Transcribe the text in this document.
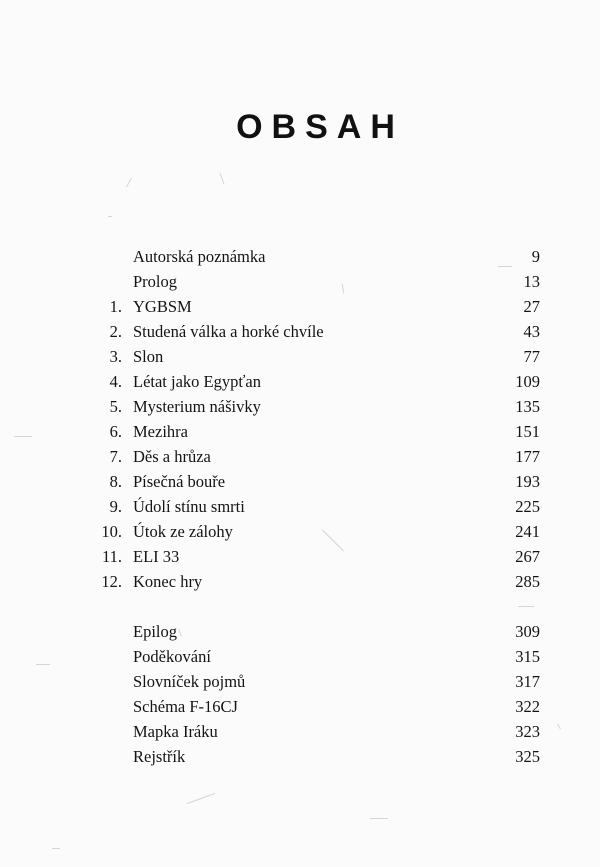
OBSAH
Autorská poznámka	9
Prolog	13
1. YGBSM	27
2. Studená válka a horké chvíle	43
3. Slon	77
4. Létat jako Egypťan	109
5. Mysterium nášivky	135
6. Mezihra	151
7. Děs a hrůza	177
8. Písečná bouře	193
9. Údolí stínu smrti	225
10. Útok ze zálohy	241
11. ELI 33	267
12. Konec hry	285
Epilog	309
Poděkování	315
Slovníček pojmů	317
Schéma F-16CJ	322
Mapka Iráku	323
Rejstřík	325
